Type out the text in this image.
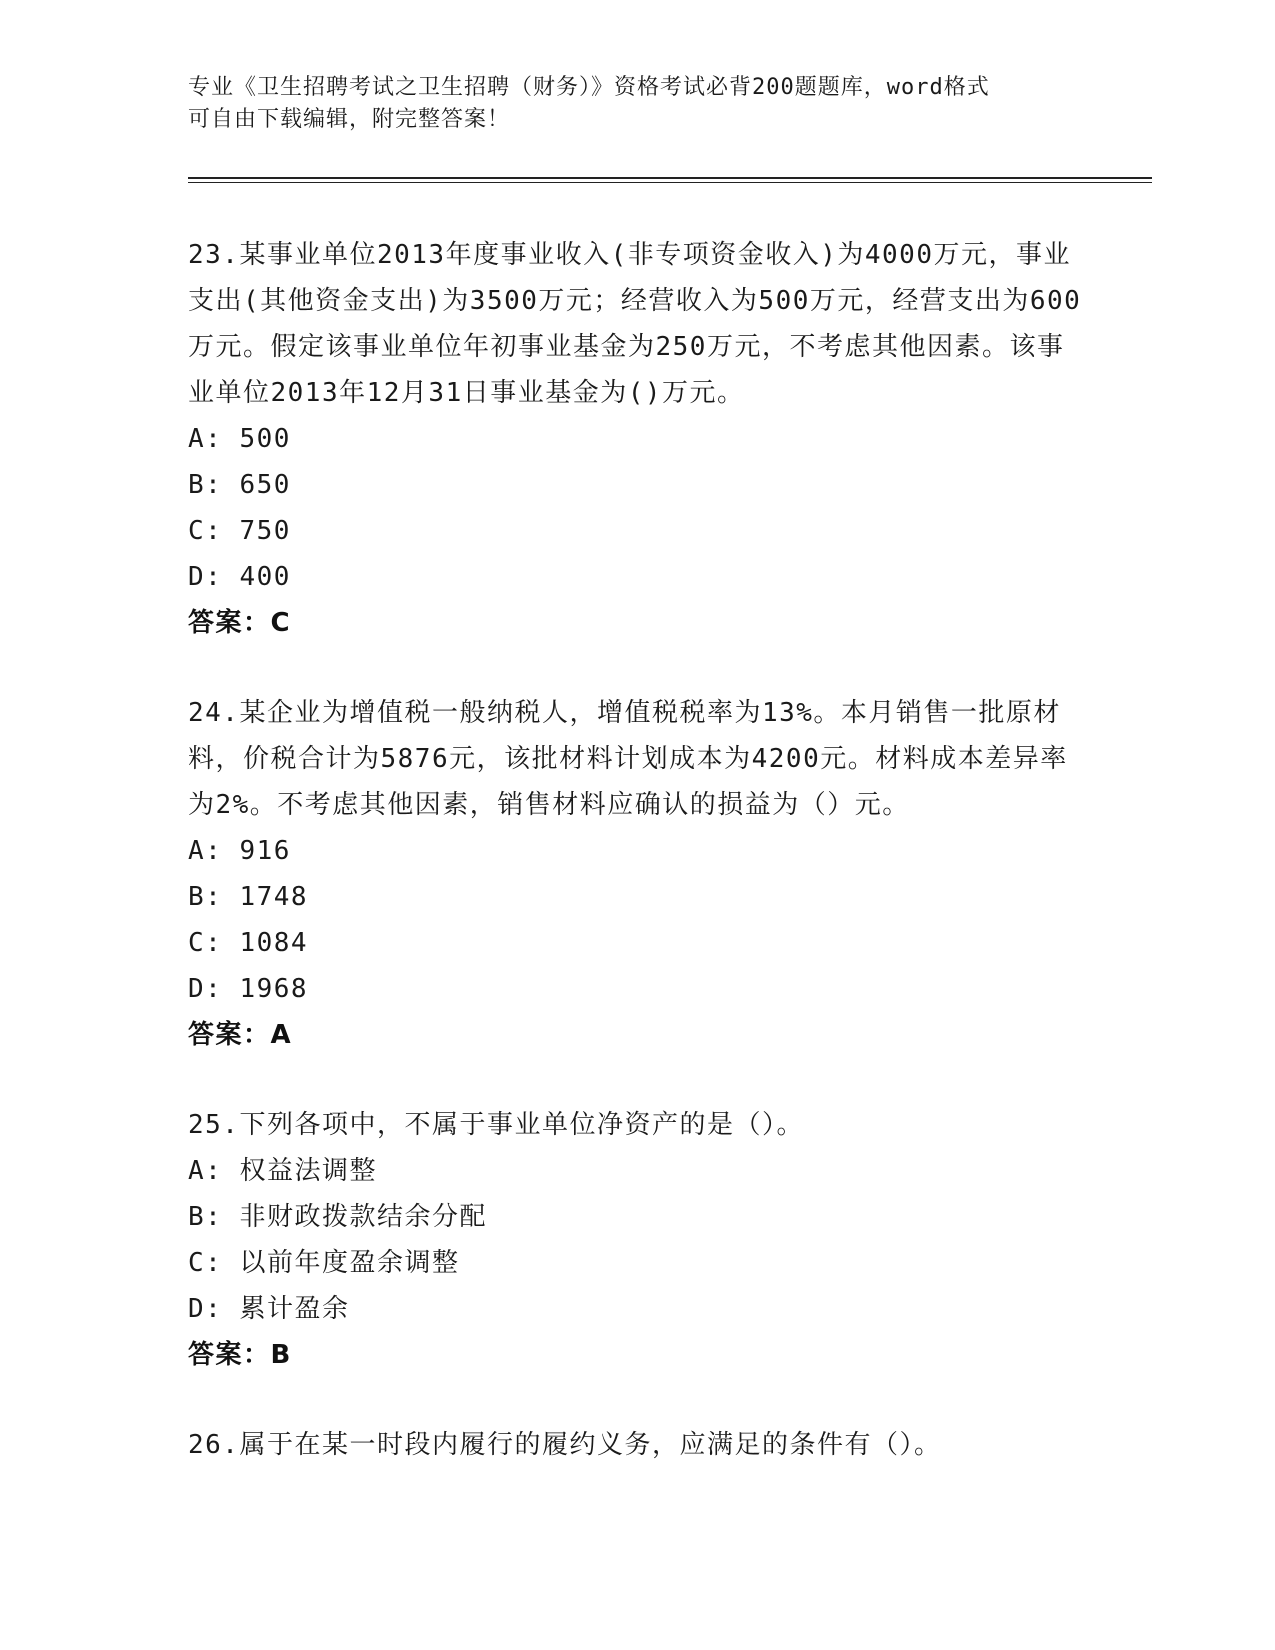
专业《卫生招聘考试之卫生招聘（财务）》资格考试必背200题题库，word格式
可自由下载编辑，附完整答案！

23.某事业单位2013年度事业收入(非专项资金收入)为4000万元，事业支出(其他资金支出)为3500万元；经营收入为500万元，经营支出为600万元。假定该事业单位年初事业基金为250万元，不考虑其他因素。该事业单位2013年12月31日事业基金为()万元。

A: 500

B: 650

C: 750

D: 400

答案：C

24.某企业为增值税一般纳税人，增值税税率为13%。本月销售一批原材料，价税合计为5876元，该批材料计划成本为4200元。材料成本差异率为2%。不考虑其他因素，销售材料应确认的损益为（）元。

A: 916

B: 1748

C: 1084

D: 1968

答案：A

25.下列各项中，不属于事业单位净资产的是（）。

A: 权益法调整

B: 非财政拨款结余分配

C: 以前年度盈余调整

D: 累计盈余

答案：B

26.属于在某一时段内履行的履约义务，应满足的条件有（）。
